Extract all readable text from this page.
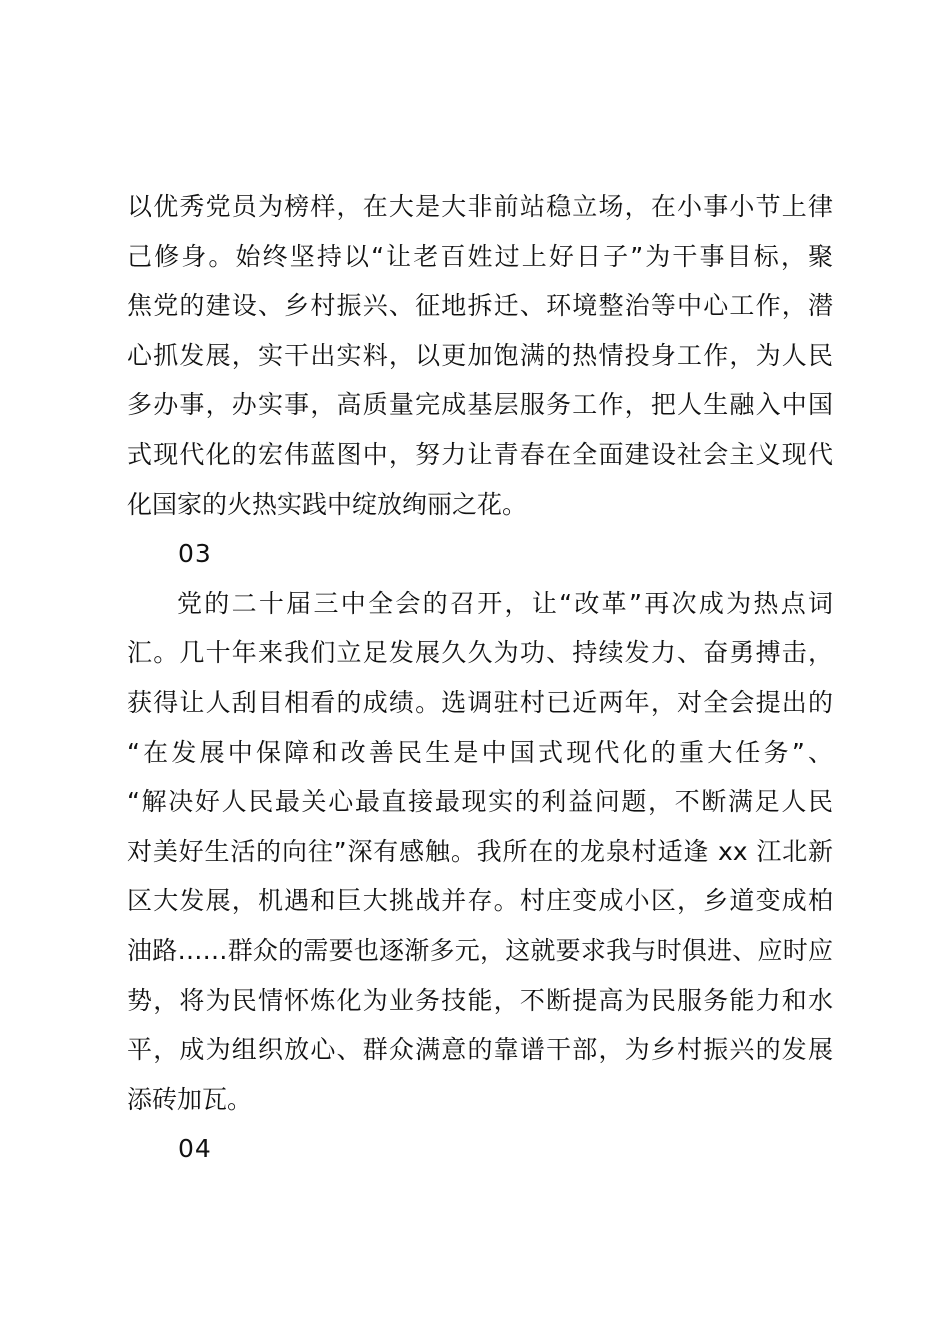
以优秀党员为榜样，在大是大非前站稳立场，在小事小节上律
己修身。始终坚持以“让老百姓过上好日子”为干事目标，聚
焦党的建设、乡村振兴、征地拆迁、环境整治等中心工作，潜
心抓发展，实干出实料，以更加饱满的热情投身工作，为人民
多办事，办实事，高质量完成基层服务工作，把人生融入中国
式现代化的宏伟蓝图中，努力让青春在全面建设社会主义现代
化国家的火热实践中绽放绚丽之花。

03

党的二十届三中全会的召开，让“改革”再次成为热点词
汇。几十年来我们立足发展久久为功、持续发力、奋勇搏击，
获得让人刮目相看的成绩。选调驻村已近两年，对全会提出的
“在发展中保障和改善民生是中国式现代化的重大任务”、
“解决好人民最关心最直接最现实的利益问题，不断满足人民
对美好生活的向往”深有感触。我所在的龙泉村适逢 xx 江北新
区大发展，机遇和巨大挑战并存。村庄变成小区，乡道变成柏
油路……群众的需要也逐渐多元，这就要求我与时俱进、应时应
势，将为民情怀炼化为业务技能，不断提高为民服务能力和水
平，成为组织放心、群众满意的靠谱干部，为乡村振兴的发展
添砖加瓦。

04
